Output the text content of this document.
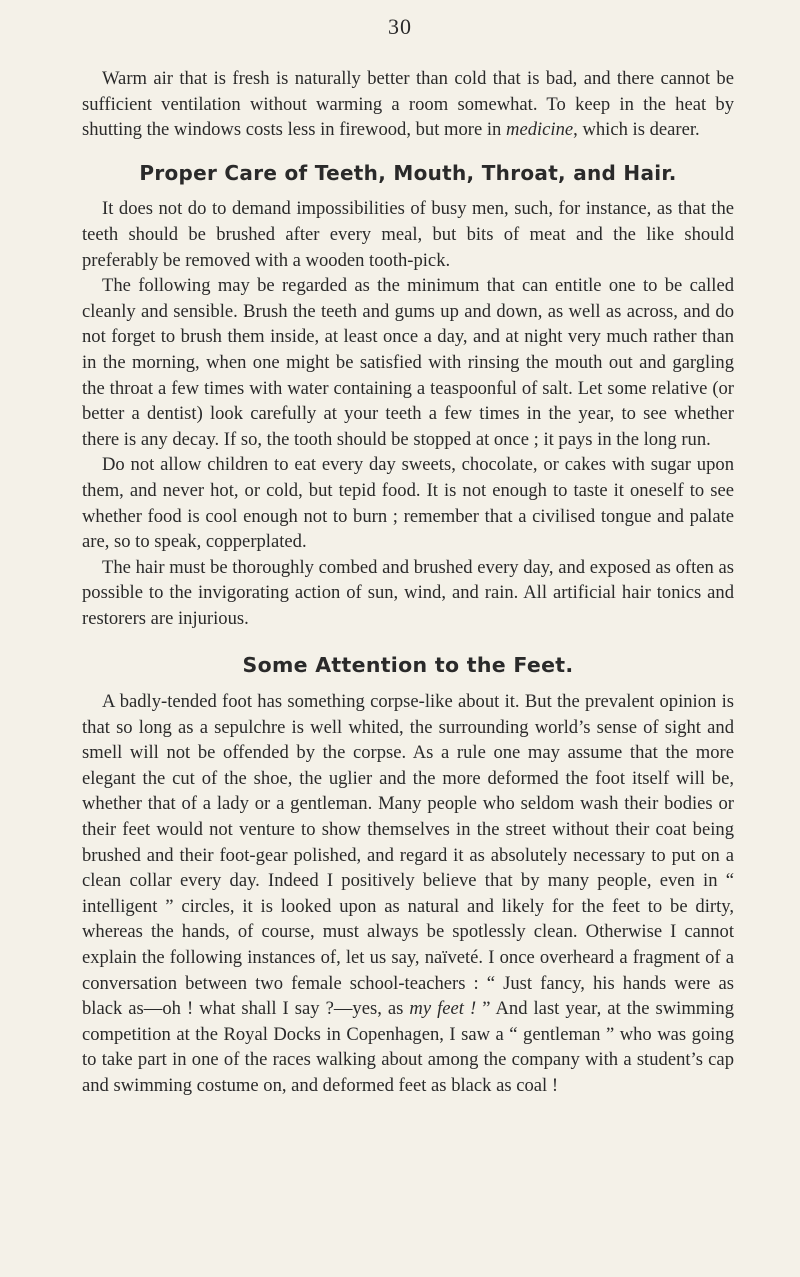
30

Warm air that is fresh is naturally better than cold that is bad, and there cannot be sufficient ventilation without warming a room somewhat. To keep in the heat by shutting the windows costs less in firewood, but more in medicine, which is dearer.

Proper Care of Teeth, Mouth, Throat, and Hair.

It does not do to demand impossibilities of busy men, such, for instance, as that the teeth should be brushed after every meal, but bits of meat and the like should preferably be removed with a wooden tooth-pick.

The following may be regarded as the minimum that can entitle one to be called cleanly and sensible. Brush the teeth and gums up and down, as well as across, and do not forget to brush them inside, at least once a day, and at night very much rather than in the morning, when one might be satisfied with rinsing the mouth out and gargling the throat a few times with water containing a teaspoonful of salt. Let some relative (or better a dentist) look carefully at your teeth a few times in the year, to see whether there is any decay. If so, the tooth should be stopped at once ; it pays in the long run.

Do not allow children to eat every day sweets, chocolate, or cakes with sugar upon them, and never hot, or cold, but tepid food. It is not enough to taste it oneself to see whether food is cool enough not to burn ; remember that a civilised tongue and palate are, so to speak, copperplated.

The hair must be thoroughly combed and brushed every day, and exposed as often as possible to the invigorating action of sun, wind, and rain. All artificial hair tonics and restorers are injurious.

Some Attention to the Feet.

A badly-tended foot has something corpse-like about it. But the prevalent opinion is that so long as a sepulchre is well whited, the surrounding world’s sense of sight and smell will not be offended by the corpse. As a rule one may assume that the more elegant the cut of the shoe, the uglier and the more deformed the foot itself will be, whether that of a lady or a gentleman. Many people who seldom wash their bodies or their feet would not venture to show themselves in the street without their coat being brushed and their foot-gear polished, and regard it as absolutely necessary to put on a clean collar every day. Indeed I positively believe that by many people, even in “ intelligent ” circles, it is looked upon as natural and likely for the feet to be dirty, whereas the hands, of course, must always be spotlessly clean. Otherwise I cannot explain the following instances of, let us say, naïveté. I once overheard a fragment of a conversation between two female school-teachers : “ Just fancy, his hands were as black as—oh ! what shall I say ?—yes, as my feet ! ” And last year, at the swimming competition at the Royal Docks in Copenhagen, I saw a “ gentleman ” who was going to take part in one of the races walking about among the company with a student’s cap and swimming costume on, and deformed feet as black as coal !
